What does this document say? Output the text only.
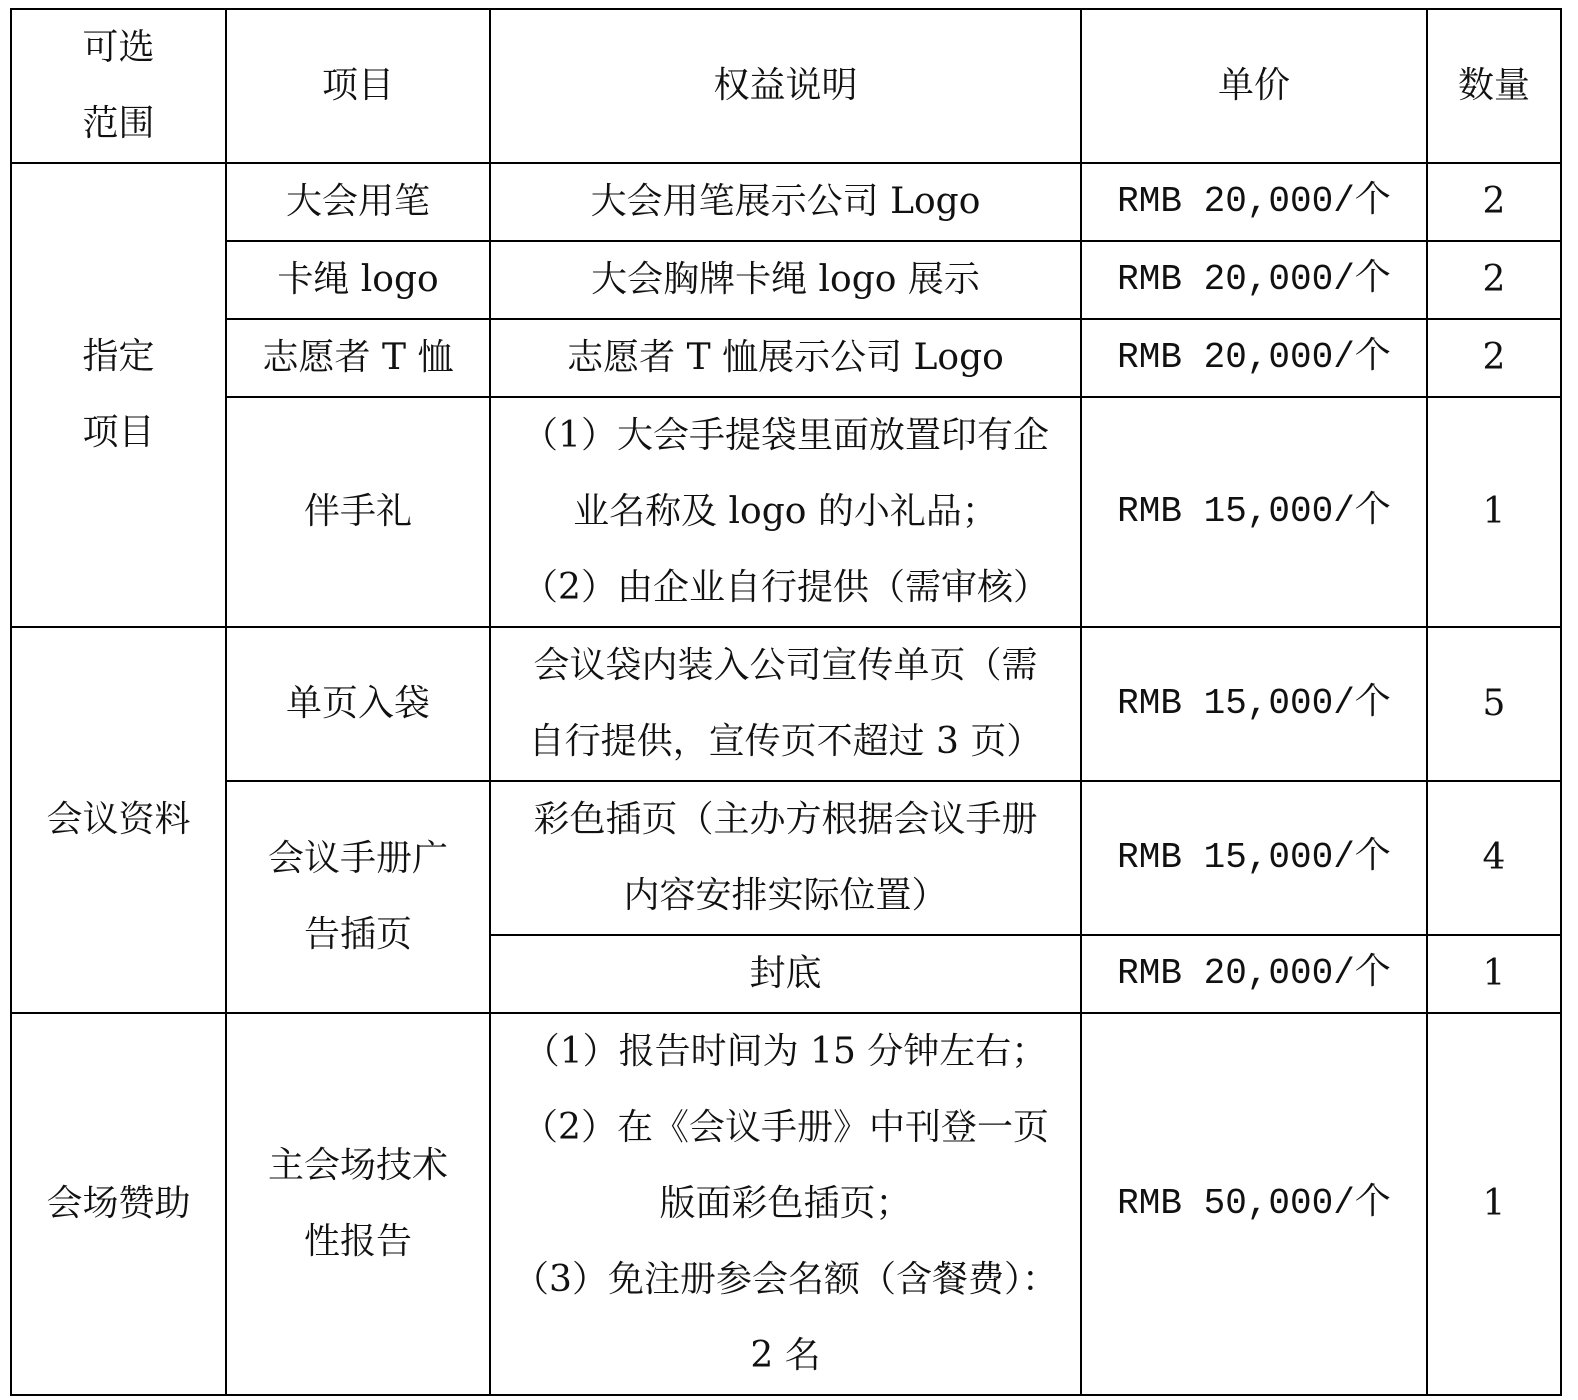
可选
范围	项目	权益说明	单价	数量

指定
项目	大会用笔	大会用笔展示公司 Logo	RMB 20,000/个	2
	卡绳 logo	大会胸牌卡绳 logo 展示	RMB 20,000/个	2
	志愿者 T 恤	志愿者 T 恤展示公司 Logo	RMB 20,000/个	2
	伴手礼	（1）大会手提袋里面放置印有企
业名称及 logo 的小礼品；
（2）由企业自行提供（需审核）	RMB 15,000/个	1
会议资料	单页入袋	会议袋内装入公司宣传单页（需
自行提供，宣传页不超过 3 页）	RMB 15,000/个	5

	会议手册广
告插页	彩色插页（主办方根据会议手册
内容安排实际位置）	RMB 15,000/个	4
		封底	RMB 20,000/个	1
会场赞助	主会场技术
性报告	（1）报告时间为 15 分钟左右；
（2）在《会议手册》中刊登一页
版面彩色插页；
（3）免注册参会名额（含餐费）：
2 名	RMB 50,000/个	1
